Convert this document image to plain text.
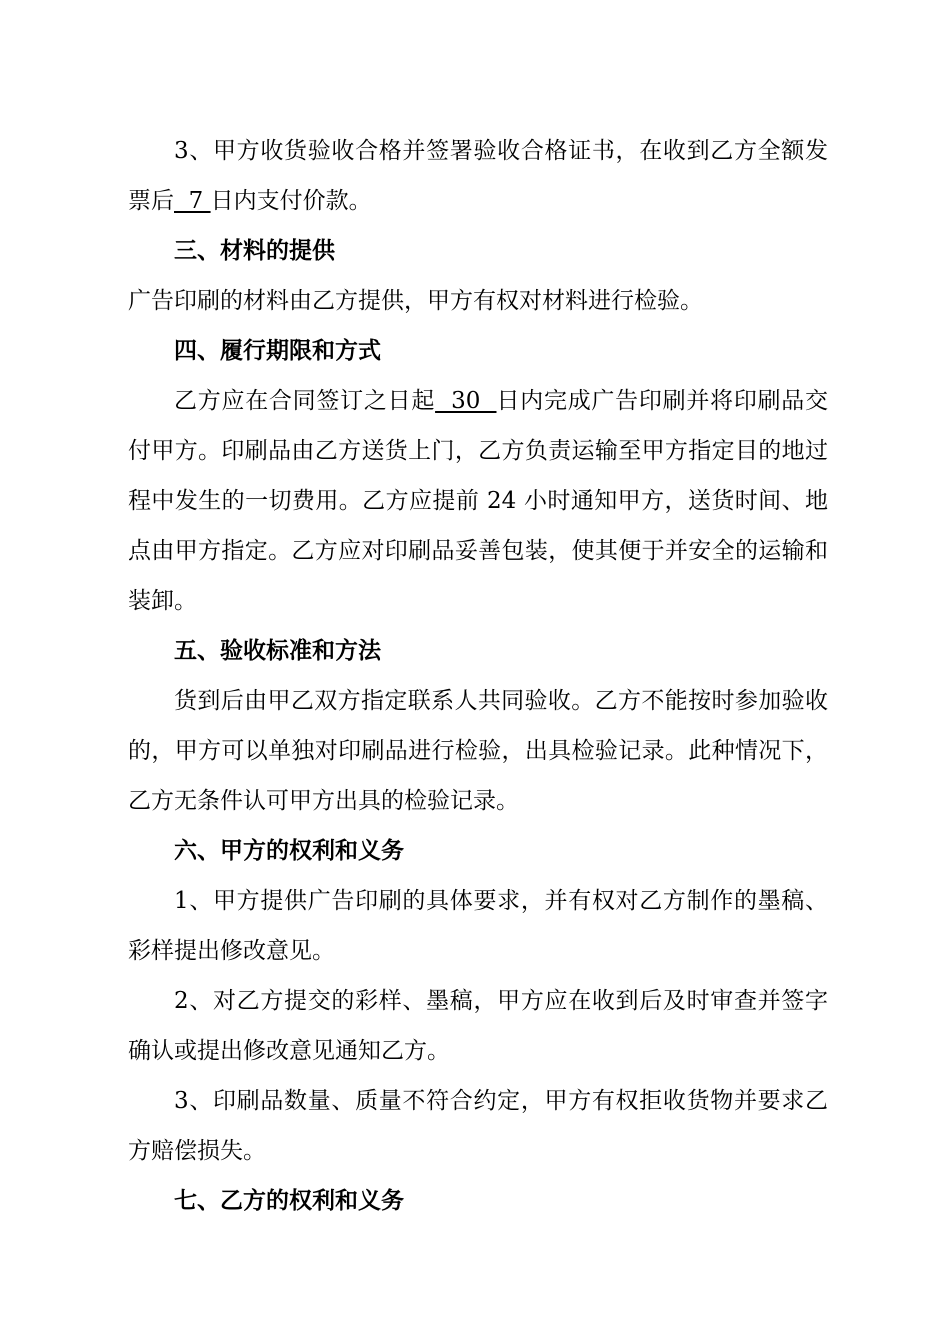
3、甲方收货验收合格并签署验收合格证书，在收到乙方全额发票后  7 日内支付价款。

三、材料的提供

广告印刷的材料由乙方提供，甲方有权对材料进行检验。

四、履行期限和方式

乙方应在合同签订之日起  30  日内完成广告印刷并将印刷品交付甲方。印刷品由乙方送货上门，乙方负责运输至甲方指定目的地过程中发生的一切费用。乙方应提前 24 小时通知甲方，送货时间、地点由甲方指定。乙方应对印刷品妥善包装，使其便于并安全的运输和装卸。

五、验收标准和方法

货到后由甲乙双方指定联系人共同验收。乙方不能按时参加验收的，甲方可以单独对印刷品进行检验，出具检验记录。此种情况下，乙方无条件认可甲方出具的检验记录。

六、甲方的权利和义务

1、甲方提供广告印刷的具体要求，并有权对乙方制作的墨稿、彩样提出修改意见。

2、对乙方提交的彩样、墨稿，甲方应在收到后及时审查并签字确认或提出修改意见通知乙方。

3、印刷品数量、质量不符合约定，甲方有权拒收货物并要求乙方赔偿损失。

七、乙方的权利和义务
